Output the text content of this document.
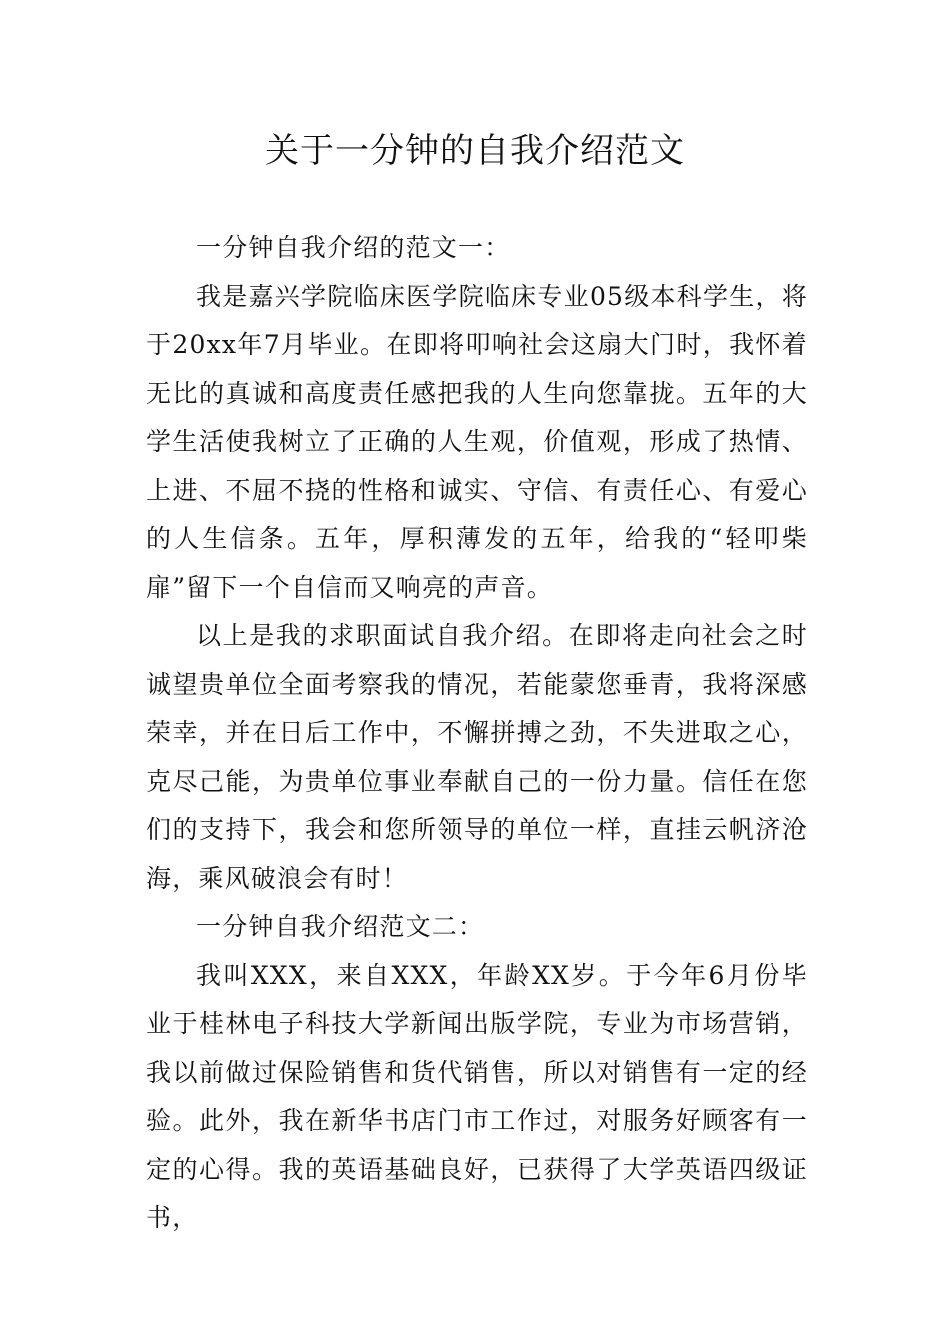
关于一分钟的自我介绍范文

一分钟自我介绍的范文一：

我是嘉兴学院临床医学院临床专业05级本科学生，将于20xx年7月毕业。在即将叩响社会这扇大门时，我怀着无比的真诚和高度责任感把我的人生向您靠拢。五年的大学生活使我树立了正确的人生观，价值观，形成了热情、上进、不屈不挠的性格和诚实、守信、有责任心、有爱心的人生信条。五年，厚积薄发的五年，给我的“轻叩柴扉”留下一个自信而又响亮的声音。

以上是我的求职面试自我介绍。在即将走向社会之时诚望贵单位全面考察我的情况，若能蒙您垂青，我将深感荣幸，并在日后工作中，不懈拼搏之劲，不失进取之心，克尽己能，为贵单位事业奉献自己的一份力量。信任在您们的支持下，我会和您所领导的单位一样，直挂云帆济沧海，乘风破浪会有时！

一分钟自我介绍范文二：

我叫XXX，来自XXX，年龄XX岁。于今年6月份毕业于桂林电子科技大学新闻出版学院，专业为市场营销，我以前做过保险销售和货代销售，所以对销售有一定的经验。此外，我在新华书店门市工作过，对服务好顾客有一定的心得。我的英语基础良好，已获得了大学英语四级证书，
